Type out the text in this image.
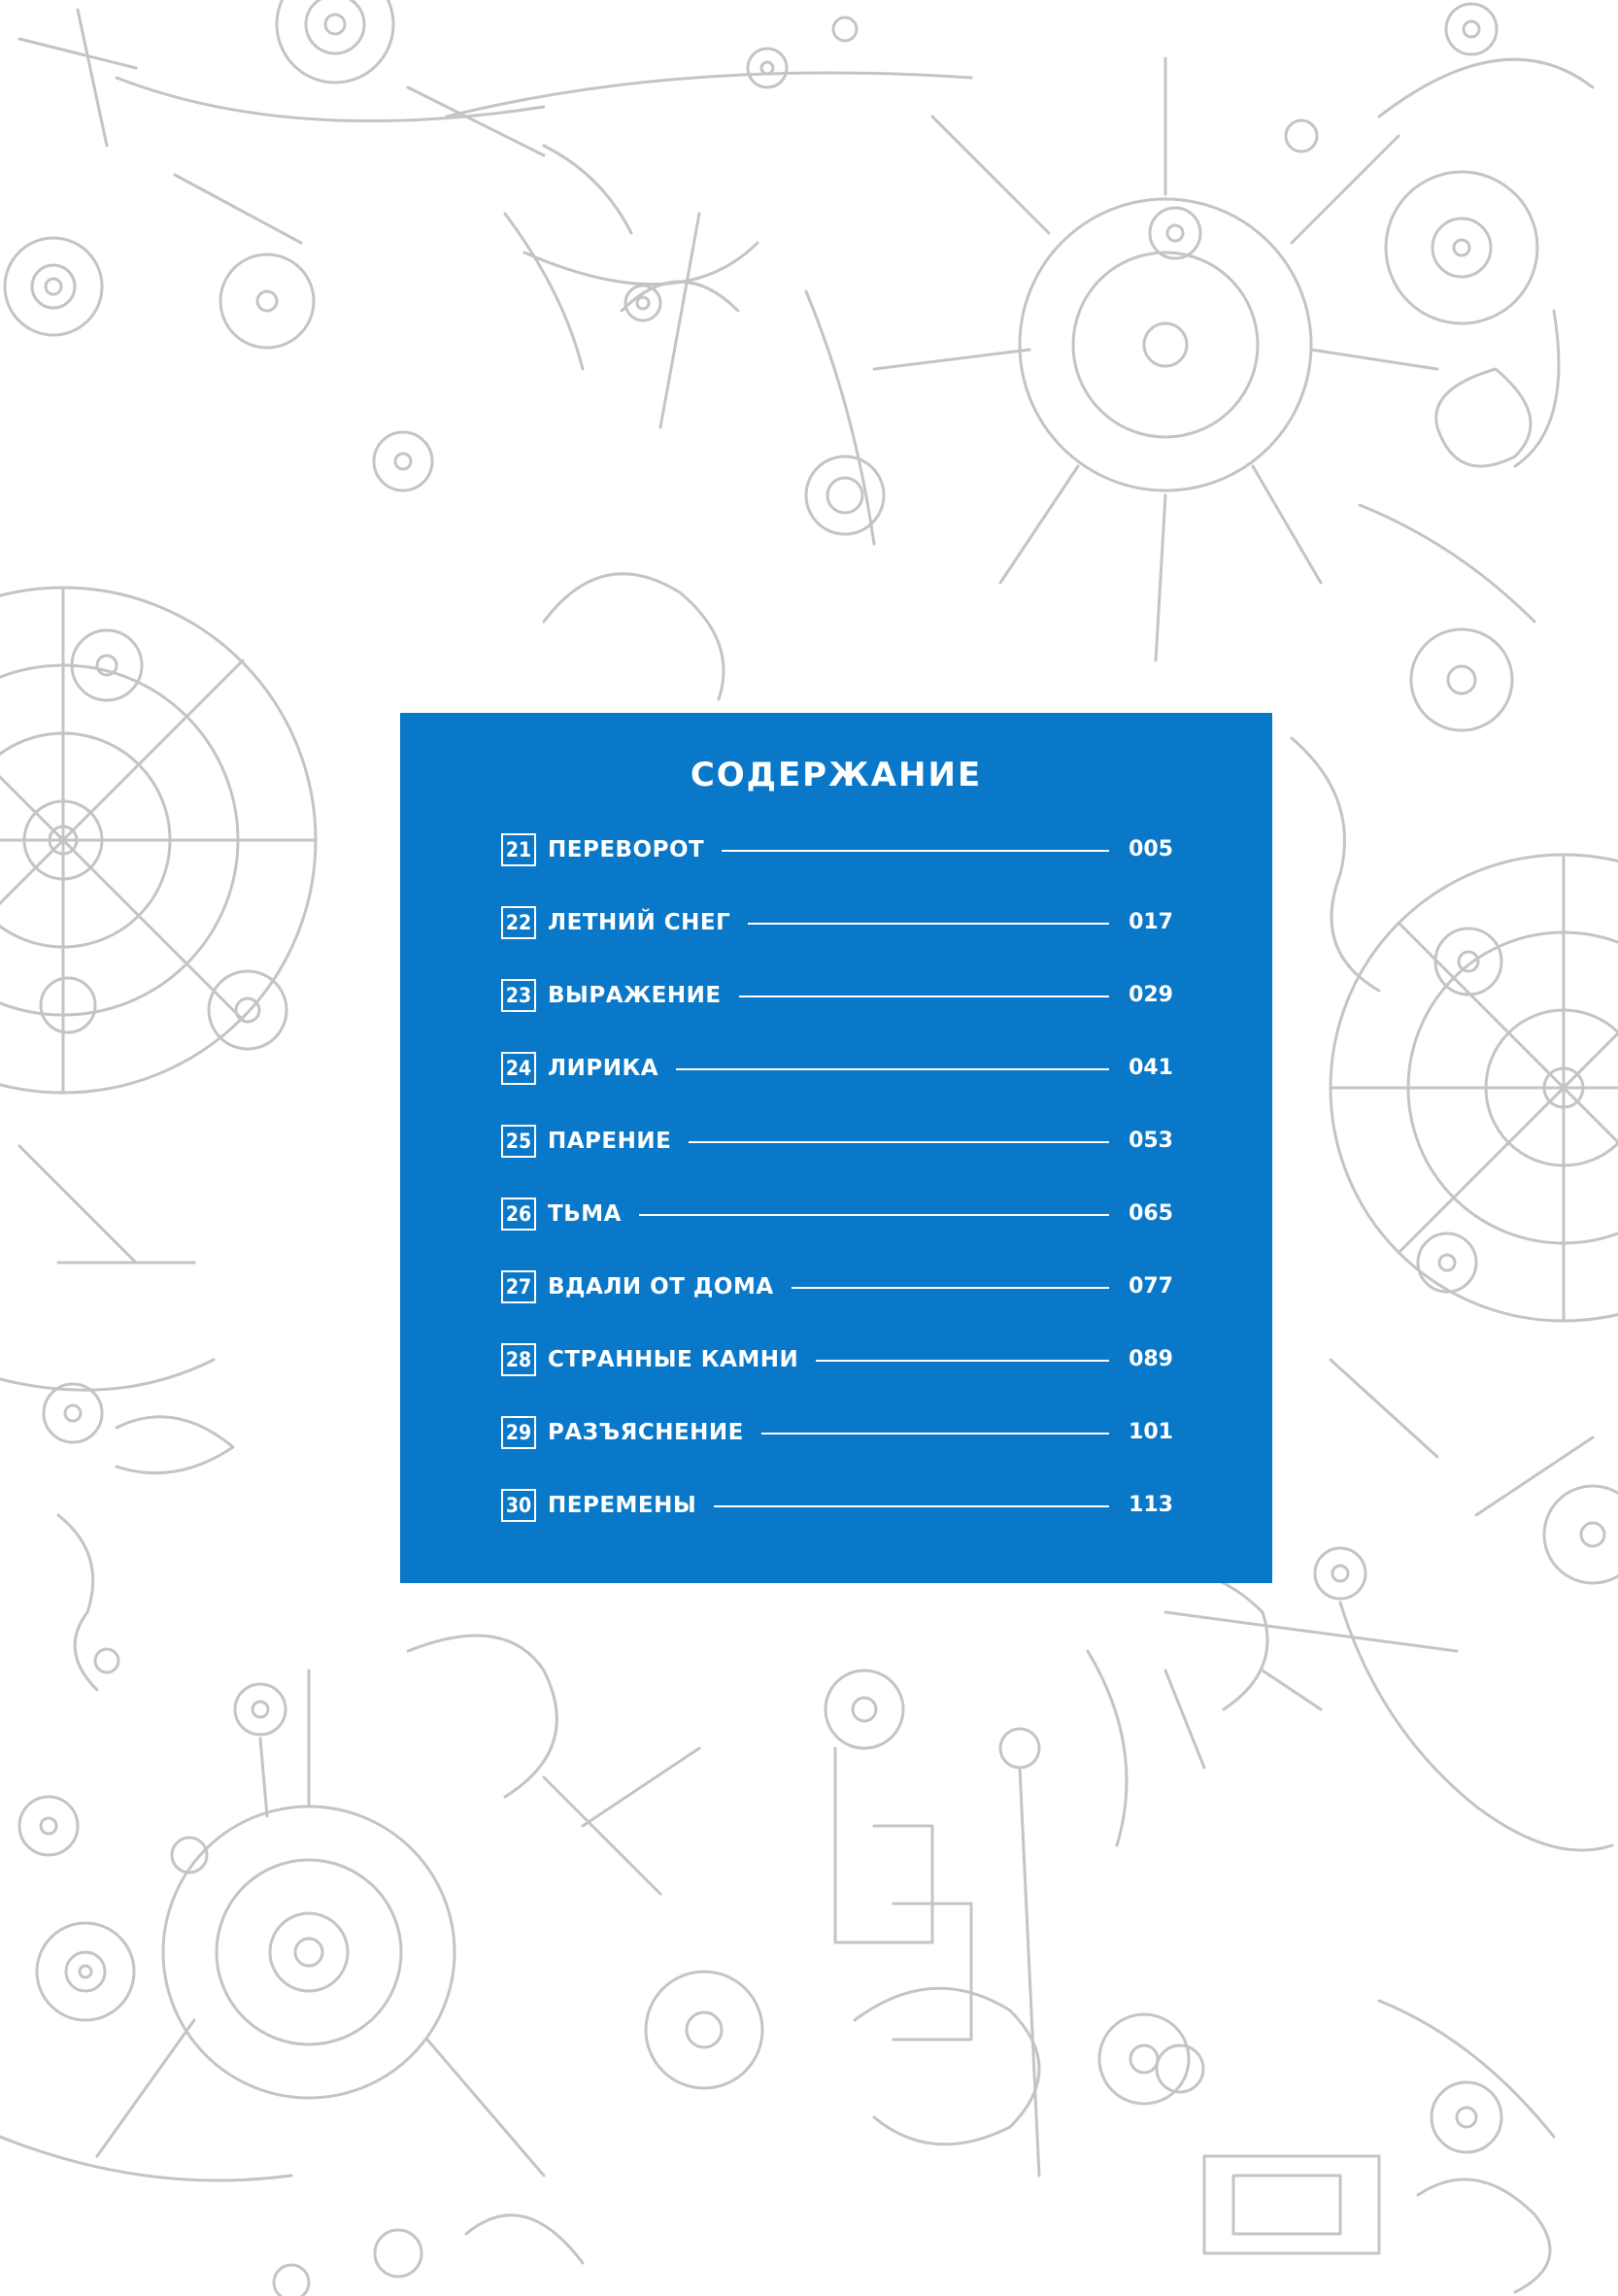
СОДЕРЖАНИЕ
21 ПЕРЕВОРОТ	005
22 ЛЕТНИЙ СНЕГ	017
23 ВЫРАЖЕНИЕ	029
24 ЛИРИКА	041
25 ПАРЕНИЕ	053
26 ТЬМА	065
27 ВДАЛИ ОТ ДОМА	077
28 СТРАННЫЕ КАМНИ	089
29 РАЗЪЯСНЕНИЕ	101
30 ПЕРЕМЕНЫ	113
